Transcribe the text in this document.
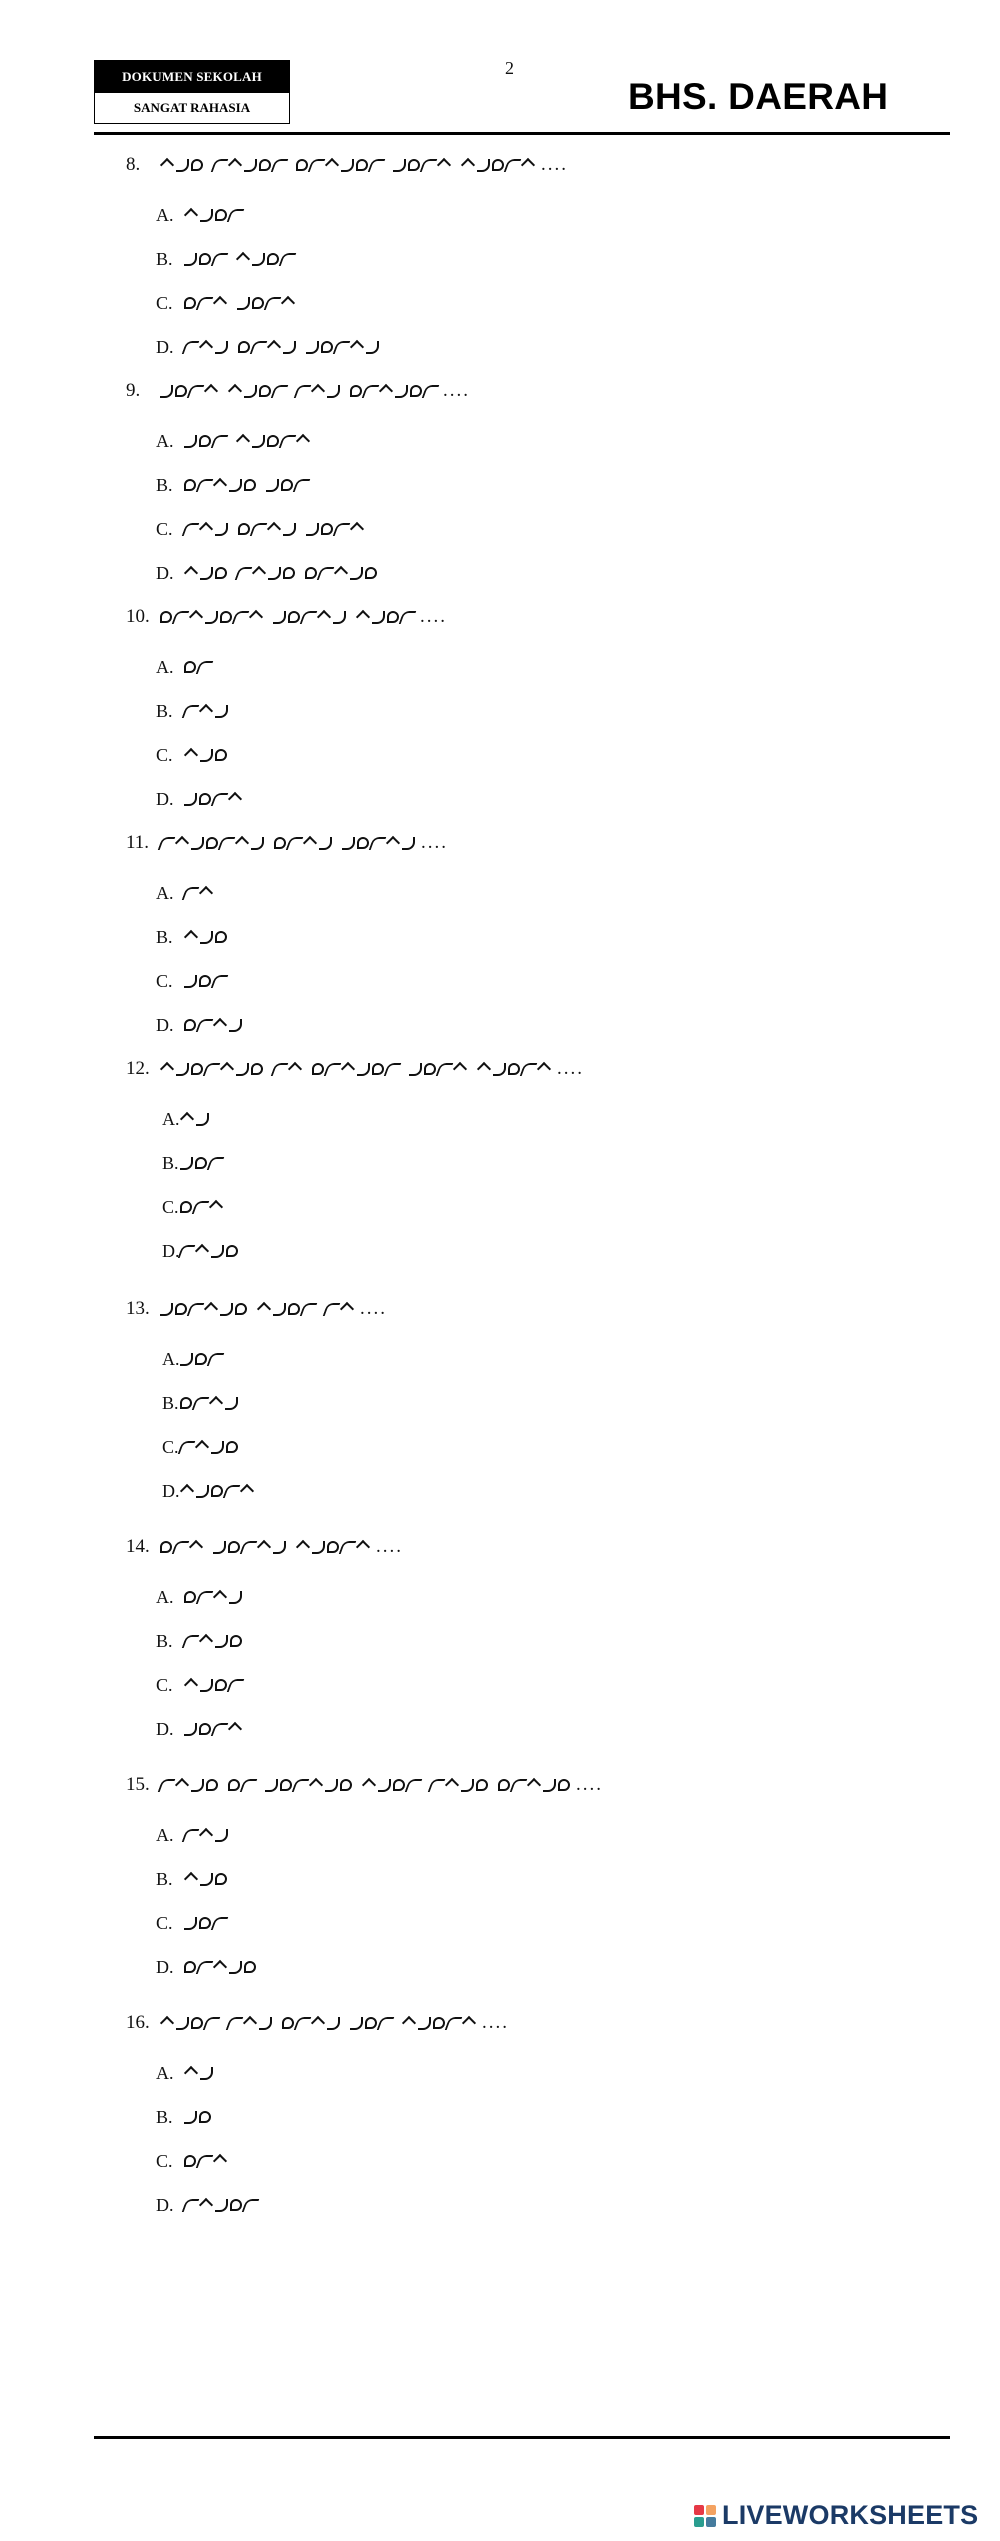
DOKUMEN SEKOLAH
SANGAT RAHASIA
2
BHS. DAERAH
8.	....
A.
B.
C.
D.
9.	....
A.
B.
C.
D.
10.	....
A.
B.
C.
D.
11.	....
A.
B.
C.
D.
12.	....
A.
B.
C.
D.
13.	....
A.
B.
C.
D.
14.	....
A.
B.
C.
D.
15.	....
A.
B.
C.
D.
16.	....
A.
B.
C.
D.
LIVEWORKSHEETS
